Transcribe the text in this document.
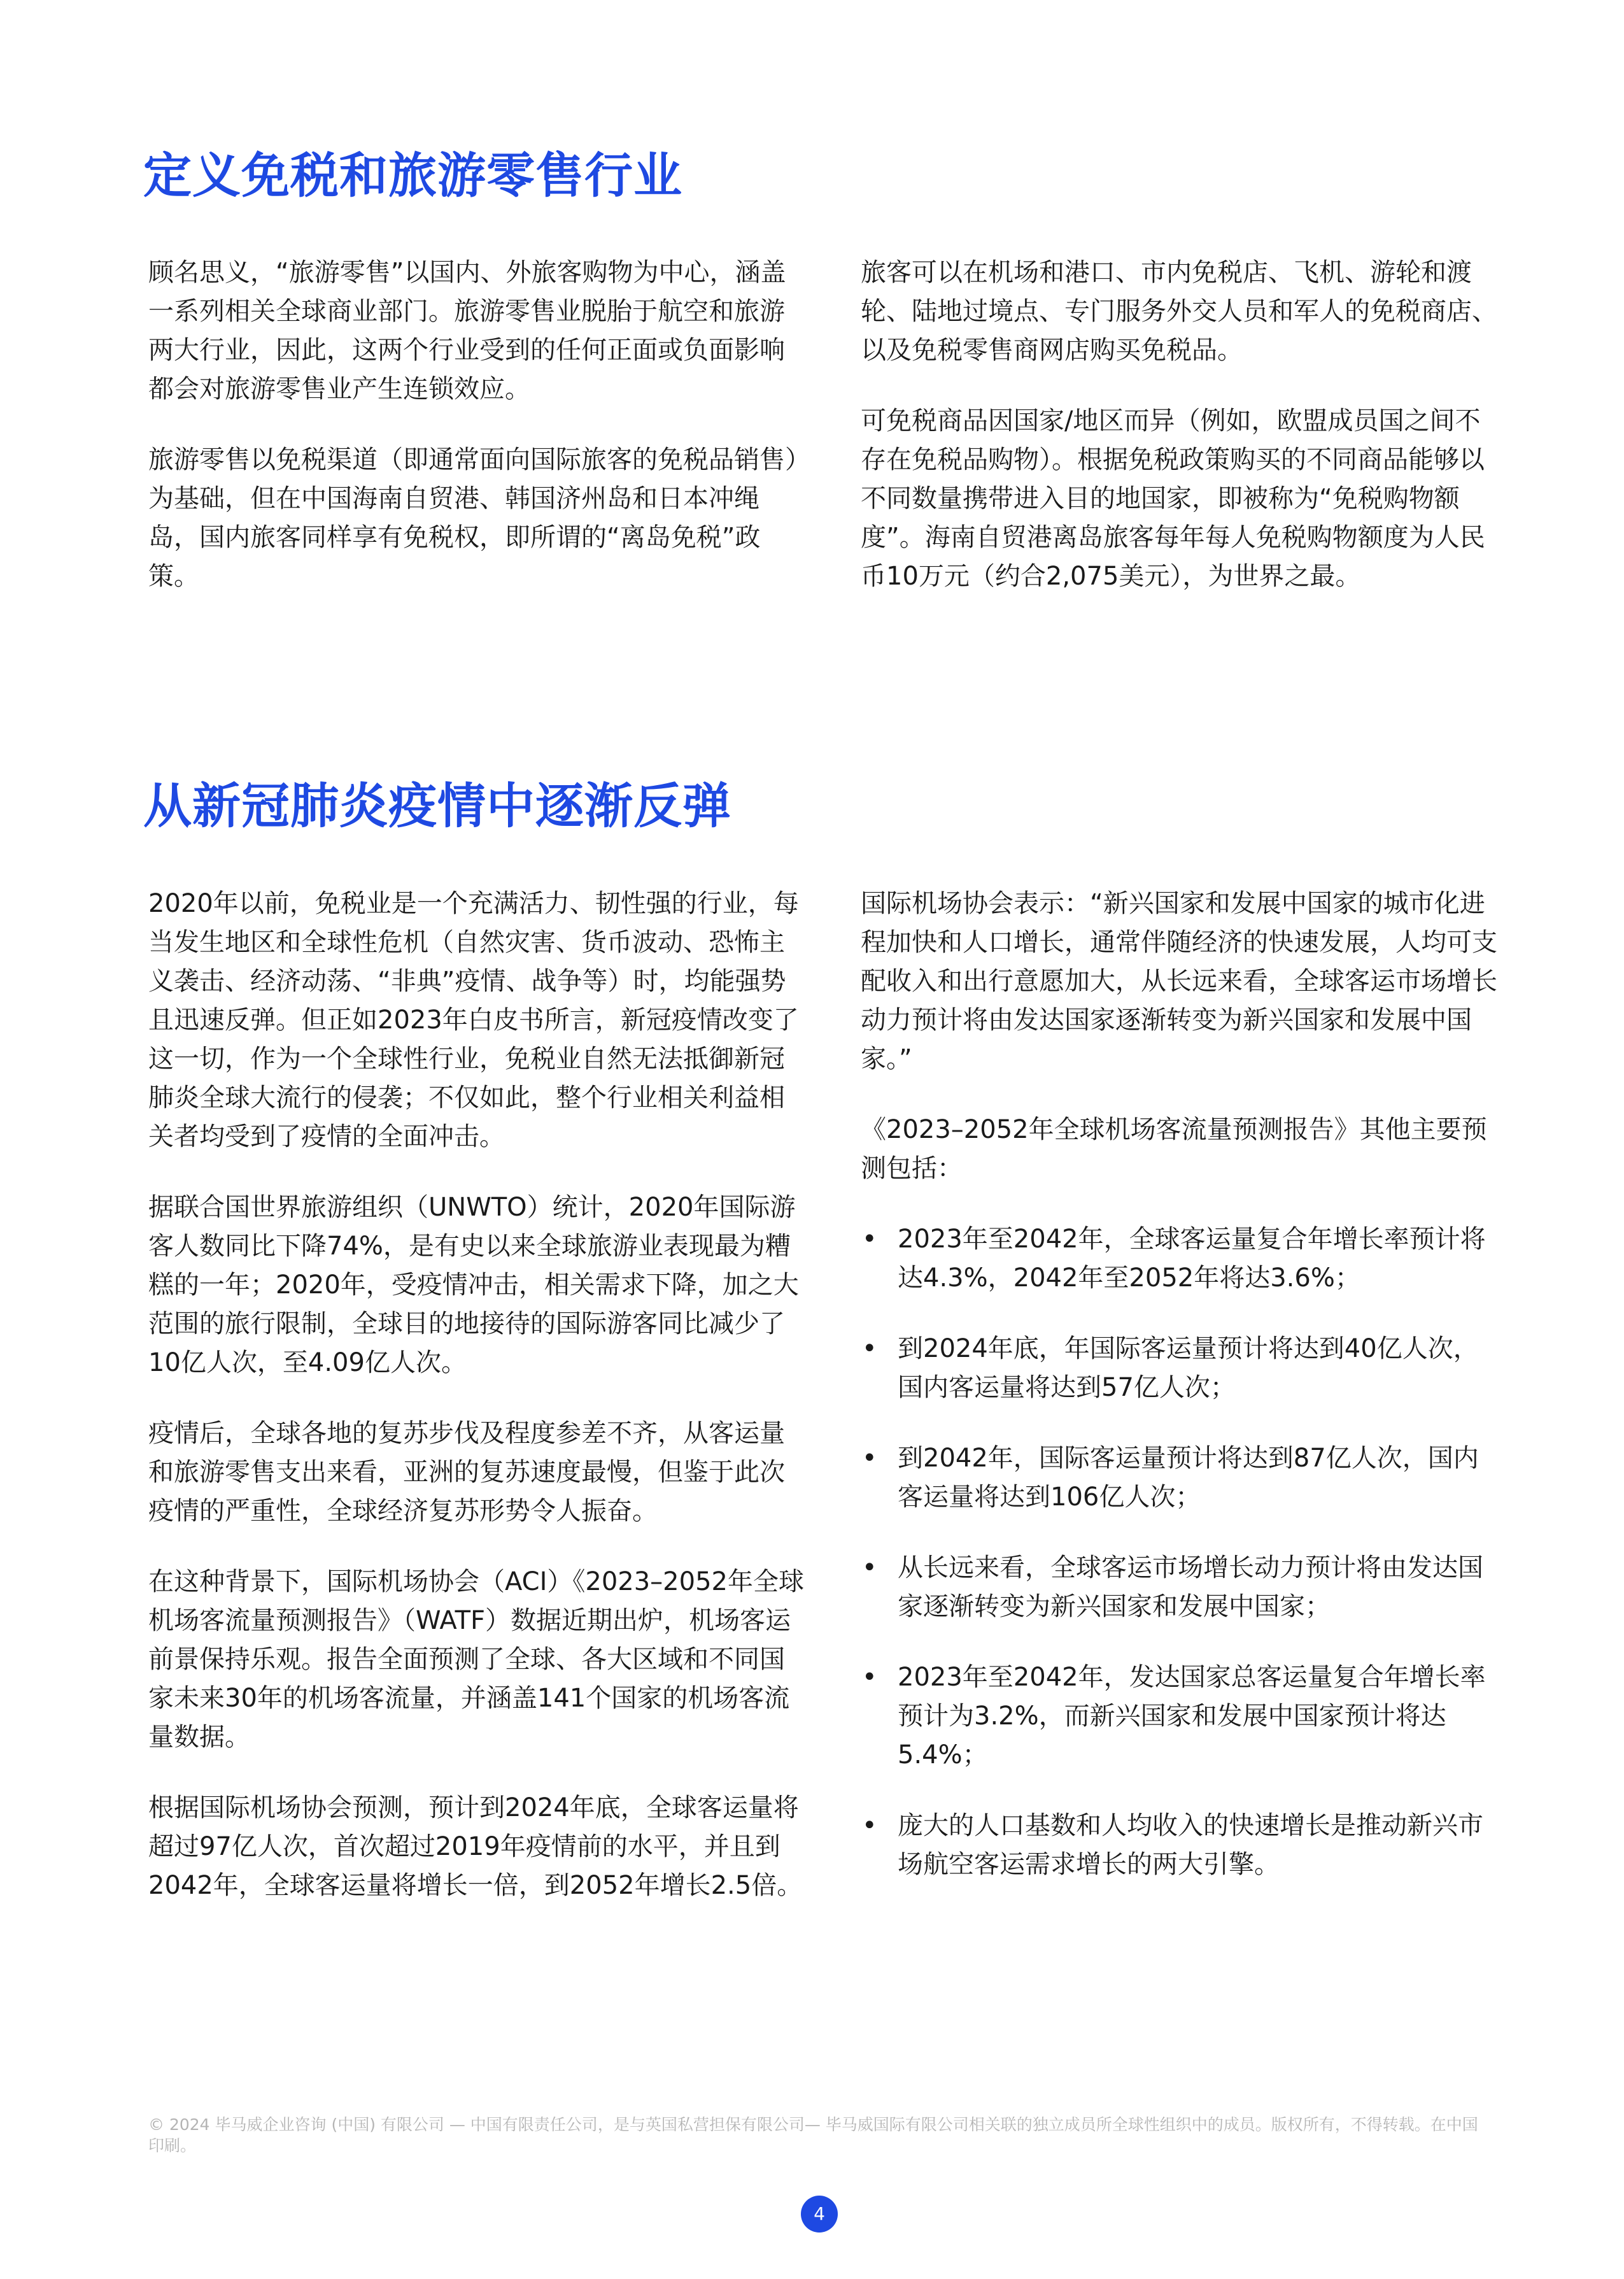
定义免税和旅游零售行业

顾名思义，“旅游零售”以国内、外旅客购物为中心，涵盖一系列相关全球商业部门。旅游零售业脱胎于航空和旅游两大行业，因此，这两个行业受到的任何正面或负面影响都会对旅游零售业产生连锁效应。

旅游零售以免税渠道（即通常面向国际旅客的免税品销售）为基础，但在中国海南自贸港、韩国济州岛和日本冲绳岛，国内旅客同样享有免税权，即所谓的“离岛免税”政策。

旅客可以在机场和港口、市内免税店、飞机、游轮和渡轮、陆地过境点、专门服务外交人员和军人的免税商店、以及免税零售商网店购买免税品。

可免税商品因国家/地区而异（例如，欧盟成员国之间不存在免税品购物）。根据免税政策购买的不同商品能够以不同数量携带进入目的地国家，即被称为“免税购物额度”。海南自贸港离岛旅客每年每人免税购物额度为人民币10万元（约合2,075美元），为世界之最。

从新冠肺炎疫情中逐渐反弹

2020年以前，免税业是一个充满活力、韧性强的行业，每当发生地区和全球性危机（自然灾害、货币波动、恐怖主义袭击、经济动荡、“非典”疫情、战争等）时，均能强势且迅速反弹。但正如2023年白皮书所言，新冠疫情改变了这一切，作为一个全球性行业，免税业自然无法抵御新冠肺炎全球大流行的侵袭；不仅如此，整个行业相关利益相关者均受到了疫情的全面冲击。

据联合国世界旅游组织（UNWTO）统计，2020年国际游客人数同比下降74%，是有史以来全球旅游业表现最为糟糕的一年；2020年，受疫情冲击，相关需求下降，加之大范围的旅行限制，全球目的地接待的国际游客同比减少了10亿人次，至4.09亿人次。

疫情后，全球各地的复苏步伐及程度参差不齐，从客运量和旅游零售支出来看，亚洲的复苏速度最慢，但鉴于此次疫情的严重性，全球经济复苏形势令人振奋。

在这种背景下，国际机场协会（ACI）《2023–2052年全球机场客流量预测报告》（WATF）数据近期出炉，机场客运前景保持乐观。报告全面预测了全球、各大区域和不同国家未来30年的机场客流量，并涵盖141个国家的机场客流量数据。

根据国际机场协会预测，预计到2024年底，全球客运量将超过97亿人次，首次超过2019年疫情前的水平，并且到2042年，全球客运量将增长一倍，到2052年增长2.5倍。

国际机场协会表示：“新兴国家和发展中国家的城市化进程加快和人口增长，通常伴随经济的快速发展，人均可支配收入和出行意愿加大，从长远来看，全球客运市场增长动力预计将由发达国家逐渐转变为新兴国家和发展中国家。”

《2023–2052年全球机场客流量预测报告》其他主要预测包括：

• 2023年至2042年，全球客运量复合年增长率预计将达4.3%，2042年至2052年将达3.6%；
• 到2024年底，年国际客运量预计将达到40亿人次，国内客运量将达到57亿人次；
• 到2042年，国际客运量预计将达到87亿人次，国内客运量将达到106亿人次；
• 从长远来看，全球客运市场增长动力预计将由发达国家逐渐转变为新兴国家和发展中国家；
• 2023年至2042年，发达国家总客运量复合年增长率预计为3.2%，而新兴国家和发展中国家预计将达5.4%；
• 庞大的人口基数和人均收入的快速增长是推动新兴市场航空客运需求增长的两大引擎。
© 2024 毕马威企业咨询 (中国) 有限公司 — 中国有限责任公司，是与英国私营担保有限公司— 毕马威国际有限公司相关联的独立成员所全球性组织中的成员。版权所有，不得转载。在中国印刷。
4
